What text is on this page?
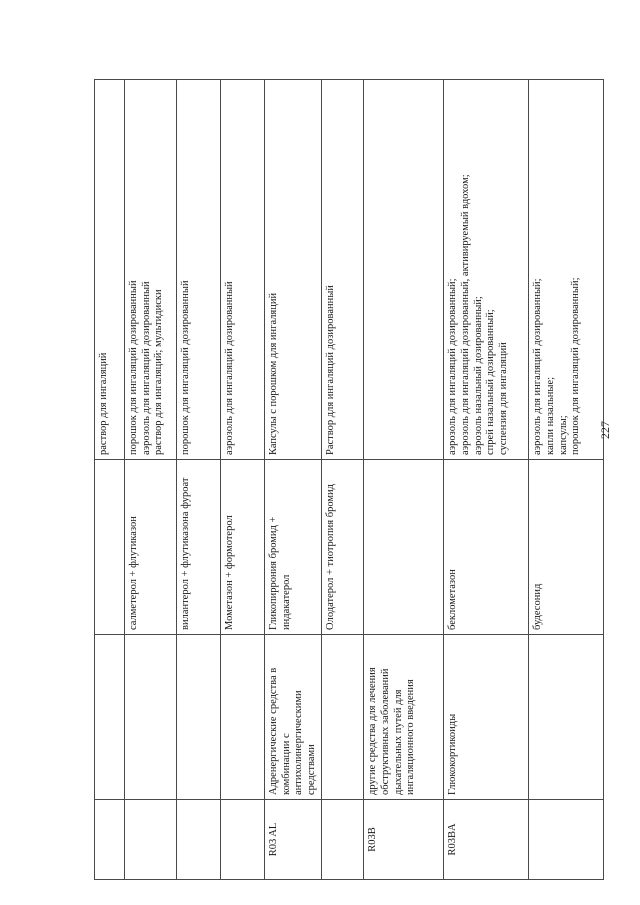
			раствор для ингаляций

		салметерол + флутиказон	порошок для ингаляций дозированный аэрозоль для ингаляций дозированный раствор для ингаляций; мультидиски

		вилантерол + флутиказона фуроат	порошок для ингаляций дозированный

		Мометазон + формотерол	аэрозоль для ингаляций дозированный

R03 AL	Адренергические средства в комбинации с антихолинергическими средствами	Гликопиррония бромид + индакатерол	Капсулы с порошком для ингаляций

		Олодатерол + тиотропия бромид	Раствор для ингаляций дозированный

R03B	другие средства для лечения обструктивных заболеваний дыхательных путей для ингаляционного введения		
R03BA	Глюкокортикоиды	беклометазон	аэрозоль для ингаляций дозированный; аэрозоль для ингаляций дозированный, активируемый вдохом; аэрозоль назальный дозированный; спрей назальный дозированный; суспензия для ингаляций

		будесонид	аэрозоль для ингаляций дозированный; капли назальные; капсулы; порошок для ингаляций дозированный; 227
